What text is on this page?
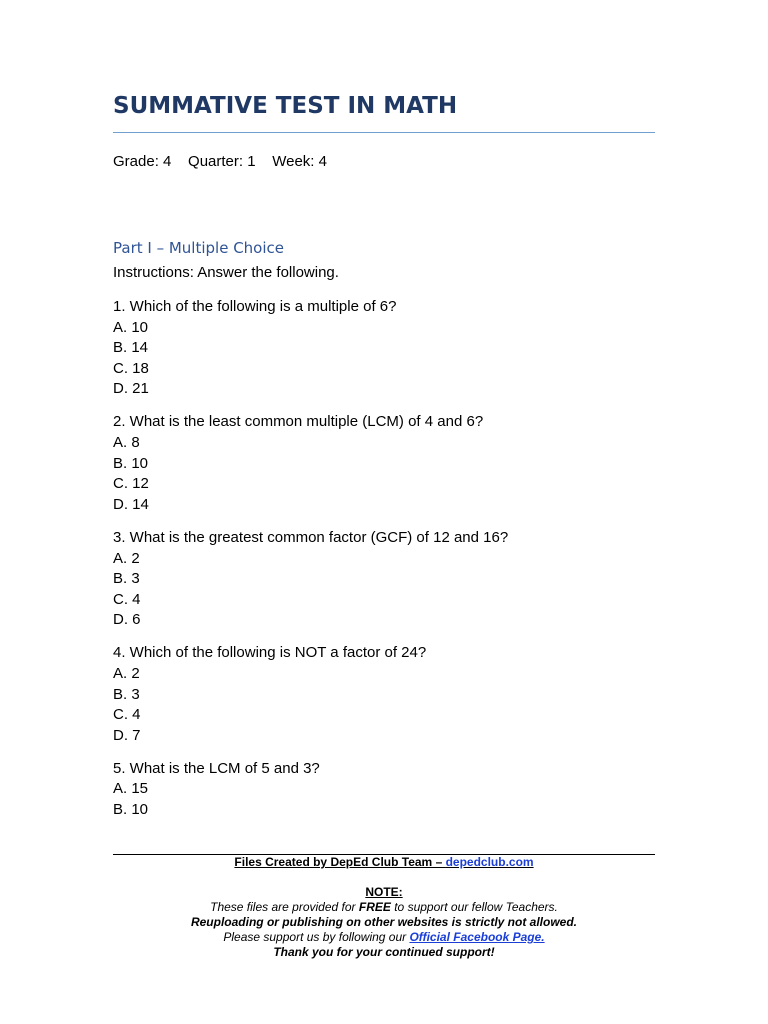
SUMMATIVE TEST IN MATH
Grade: 4    Quarter: 1    Week: 4
Part I – Multiple Choice
Instructions: Answer the following.
1. Which of the following is a multiple of 6?
A. 10
B. 14
C. 18
D. 21
2. What is the least common multiple (LCM) of 4 and 6?
A. 8
B. 10
C. 12
D. 14
3. What is the greatest common factor (GCF) of 12 and 16?
A. 2
B. 3
C. 4
D. 6
4. Which of the following is NOT a factor of 24?
A. 2
B. 3
C. 4
D. 7
5. What is the LCM of 5 and 3?
A. 15
B. 10
Files Created by DepEd Club Team – depedclub.com
NOTE:
These files are provided for FREE to support our fellow Teachers.
Reuploading or publishing on other websites is strictly not allowed.
Please support us by following our Official Facebook Page.
Thank you for your continued support!
